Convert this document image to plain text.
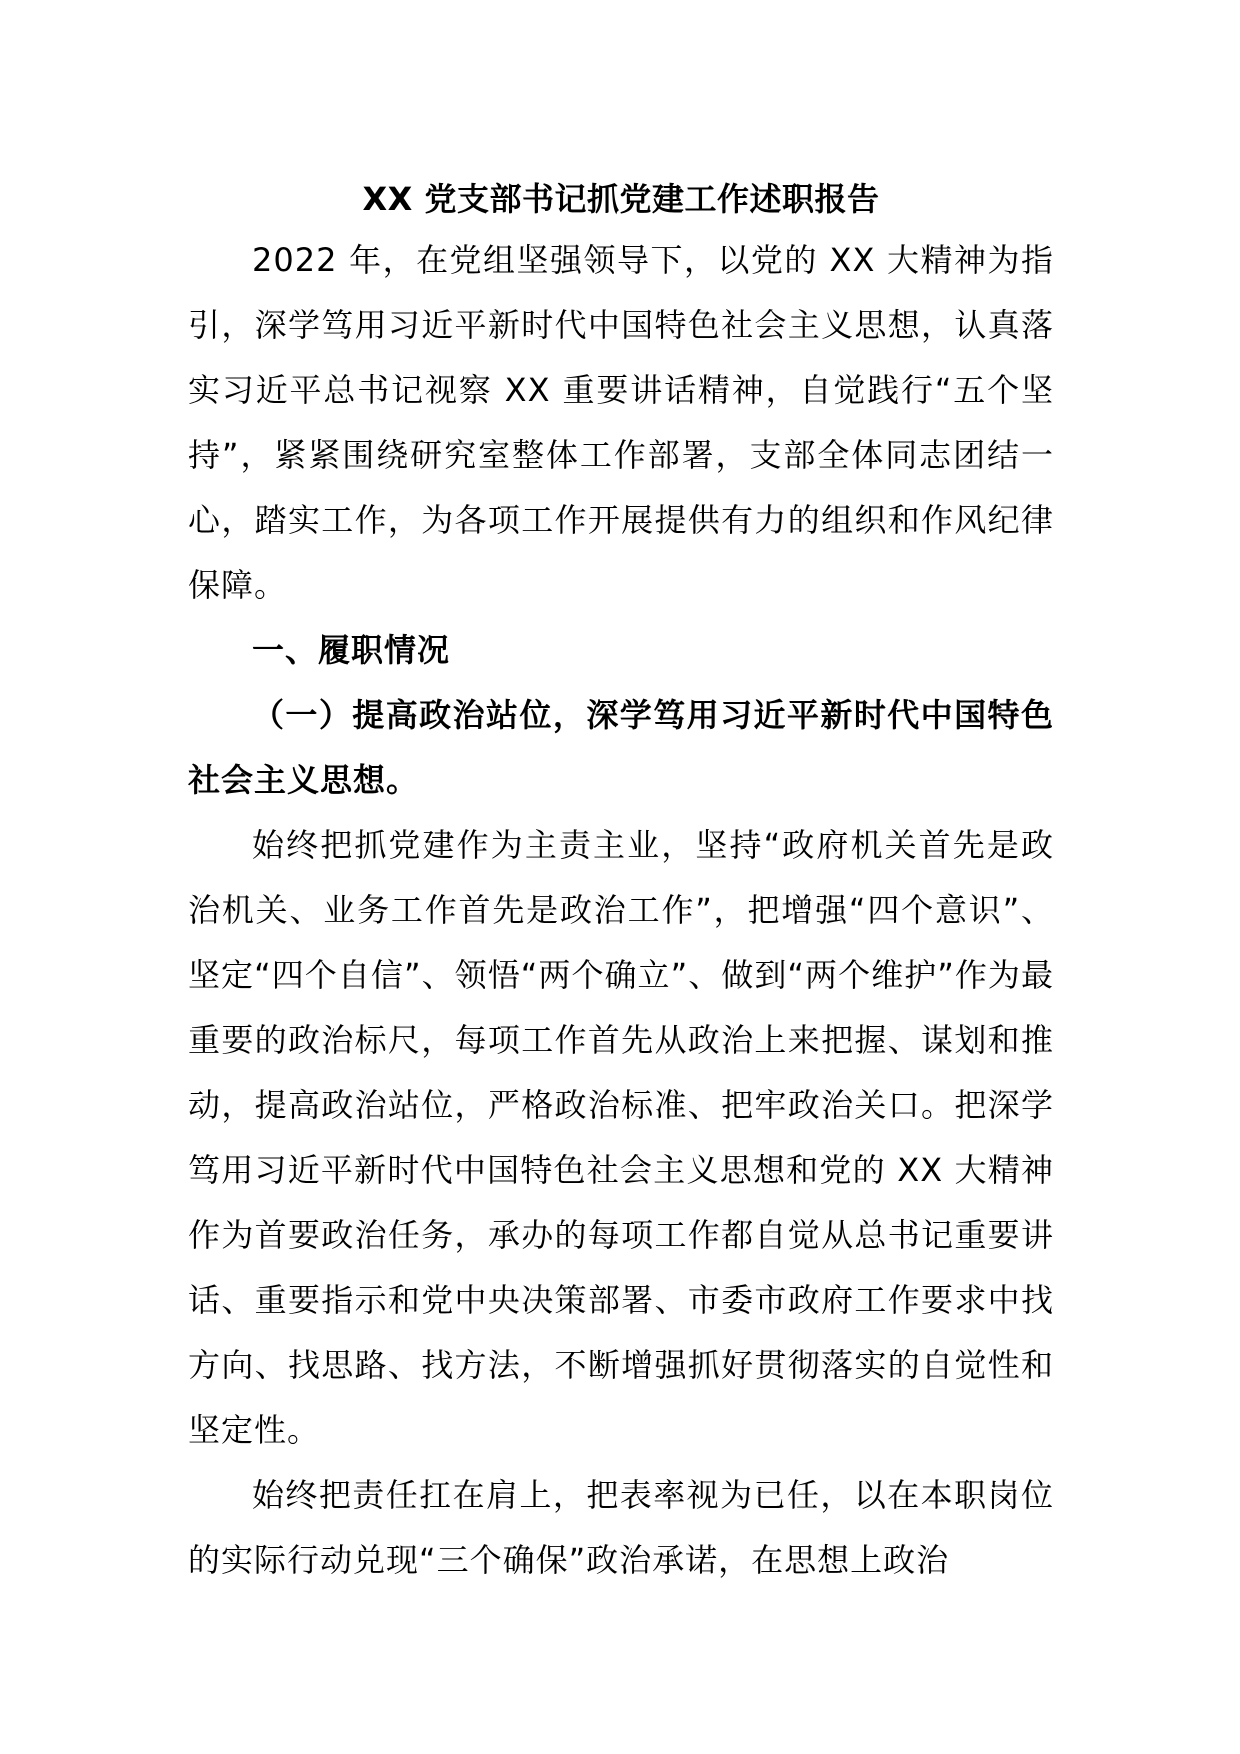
XX 党支部书记抓党建工作述职报告

2022 年，在党组坚强领导下，以党的 XX 大精神为指引，深学笃用习近平新时代中国特色社会主义思想，认真落实习近平总书记视察 XX 重要讲话精神，自觉践行“五个坚持”，紧紧围绕研究室整体工作部署，支部全体同志团结一心，踏实工作，为各项工作开展提供有力的组织和作风纪律保障。

一、履职情况

（一）提高政治站位，深学笃用习近平新时代中国特色社会主义思想。

始终把抓党建作为主责主业，坚持“政府机关首先是政治机关、业务工作首先是政治工作”，把增强“四个意识”、坚定“四个自信”、领悟“两个确立”、做到“两个维护”作为最重要的政治标尺，每项工作首先从政治上来把握、谋划和推动，提高政治站位，严格政治标准、把牢政治关口。把深学笃用习近平新时代中国特色社会主义思想和党的 XX 大精神作为首要政治任务，承办的每项工作都自觉从总书记重要讲话、重要指示和党中央决策部署、市委市政府工作要求中找方向、找思路、找方法，不断增强抓好贯彻落实的自觉性和坚定性。

始终把责任扛在肩上，把表率视为已任，以在本职岗位的实际行动兑现“三个确保”政治承诺，在思想上政治
